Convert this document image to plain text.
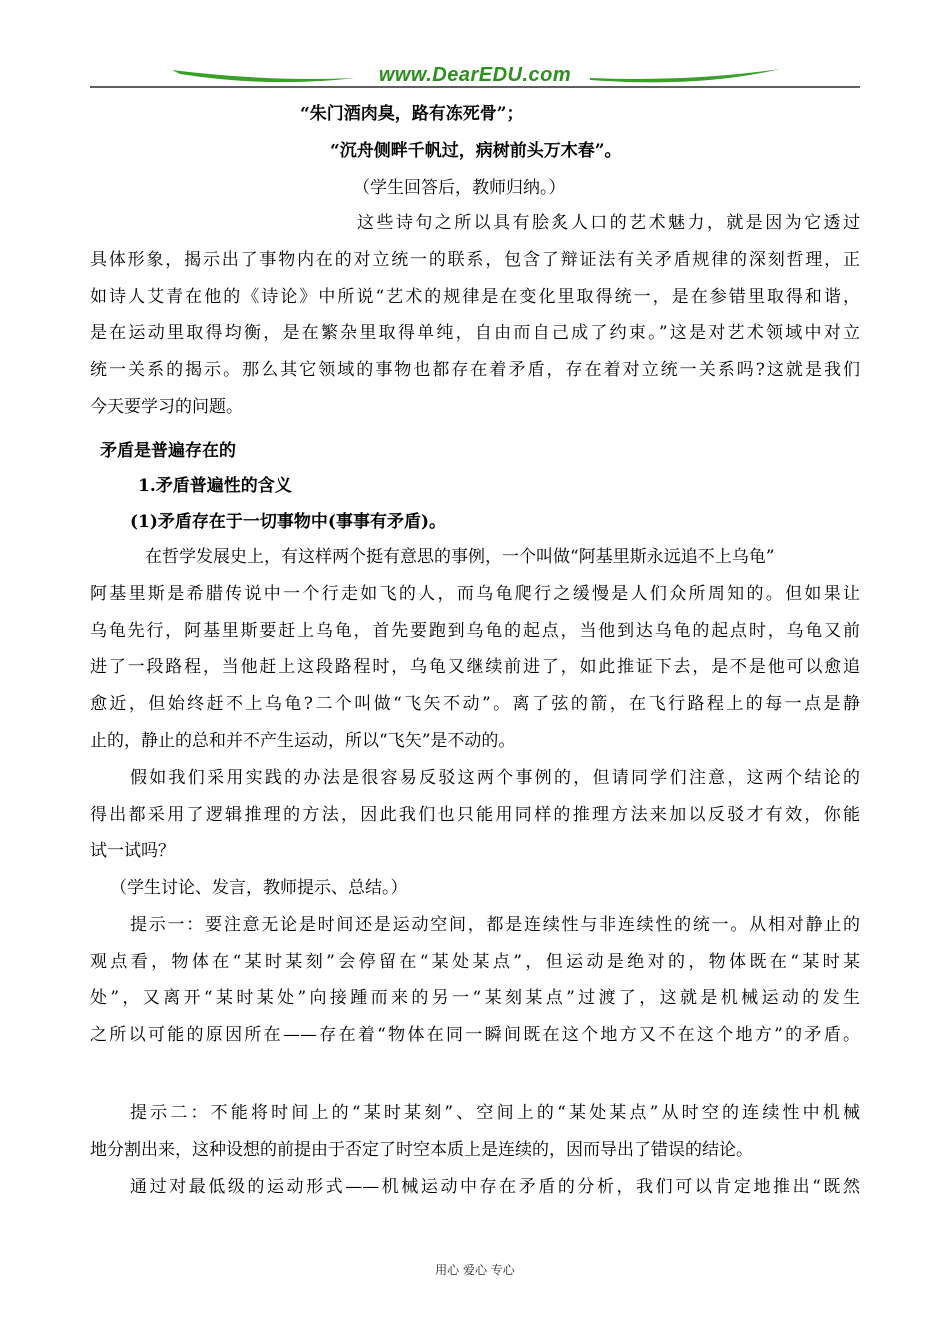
www.DearEDU.com
“朱门酒肉臭，路有冻死骨”；
“沉舟侧畔千帆过，病树前头万木春”。
（学生回答后，教师归纳。）
这些诗句之所以具有脍炙人口的艺术魅力，就是因为它透过
具体形象，揭示出了事物内在的对立统一的联系，包含了辩证法有关矛盾规律的深刻哲理，正
如诗人艾青在他的《诗论》中所说“艺术的规律是在变化里取得统一，是在参错里取得和谐，
是在运动里取得均衡，是在繁杂里取得单纯，自由而自己成了约束。”这是对艺术领域中对立
统一关系的揭示。那么其它领域的事物也都存在着矛盾，存在着对立统一关系吗?这就是我们
今天要学习的问题。
矛盾是普遍存在的
1.矛盾普遍性的含义
(1)矛盾存在于一切事物中(事事有矛盾)。
在哲学发展史上，有这样两个挺有意思的事例，一个叫做“阿基里斯永远追不上乌龟”
阿基里斯是希腊传说中一个行走如飞的人，而乌龟爬行之缓慢是人们众所周知的。但如果让
乌龟先行，阿基里斯要赶上乌龟，首先要跑到乌龟的起点，当他到达乌龟的起点时，乌龟又前
进了一段路程，当他赶上这段路程时，乌龟又继续前进了，如此推证下去，是不是他可以愈追
愈近，但始终赶不上乌龟?二个叫做“飞矢不动”。离了弦的箭，在飞行路程上的每一点是静
止的，静止的总和并不产生运动，所以“飞矢”是不动的。
假如我们采用实践的办法是很容易反驳这两个事例的，但请同学们注意，这两个结论的
得出都采用了逻辑推理的方法，因此我们也只能用同样的推理方法来加以反驳才有效，你能
试一试吗？
（学生讨论、发言，教师提示、总结。）
提示一：要注意无论是时间还是运动空间，都是连续性与非连续性的统一。从相对静止的
观点看，物体在“某时某刻”会停留在“某处某点”，但运动是绝对的，物体既在“某时某
处”，又离开“某时某处”向接踵而来的另一“某刻某点”过渡了，这就是机械运动的发生
之所以可能的原因所在——存在着“物体在同一瞬间既在这个地方又不在这个地方”的矛盾。
提示二：不能将时间上的“某时某刻”、空间上的“某处某点”从时空的连续性中机械
地分割出来，这种设想的前提由于否定了时空本质上是连续的，因而导出了错误的结论。
通过对最低级的运动形式——机械运动中存在矛盾的分析，我们可以肯定地推出“既然
用心 爱心 专心
